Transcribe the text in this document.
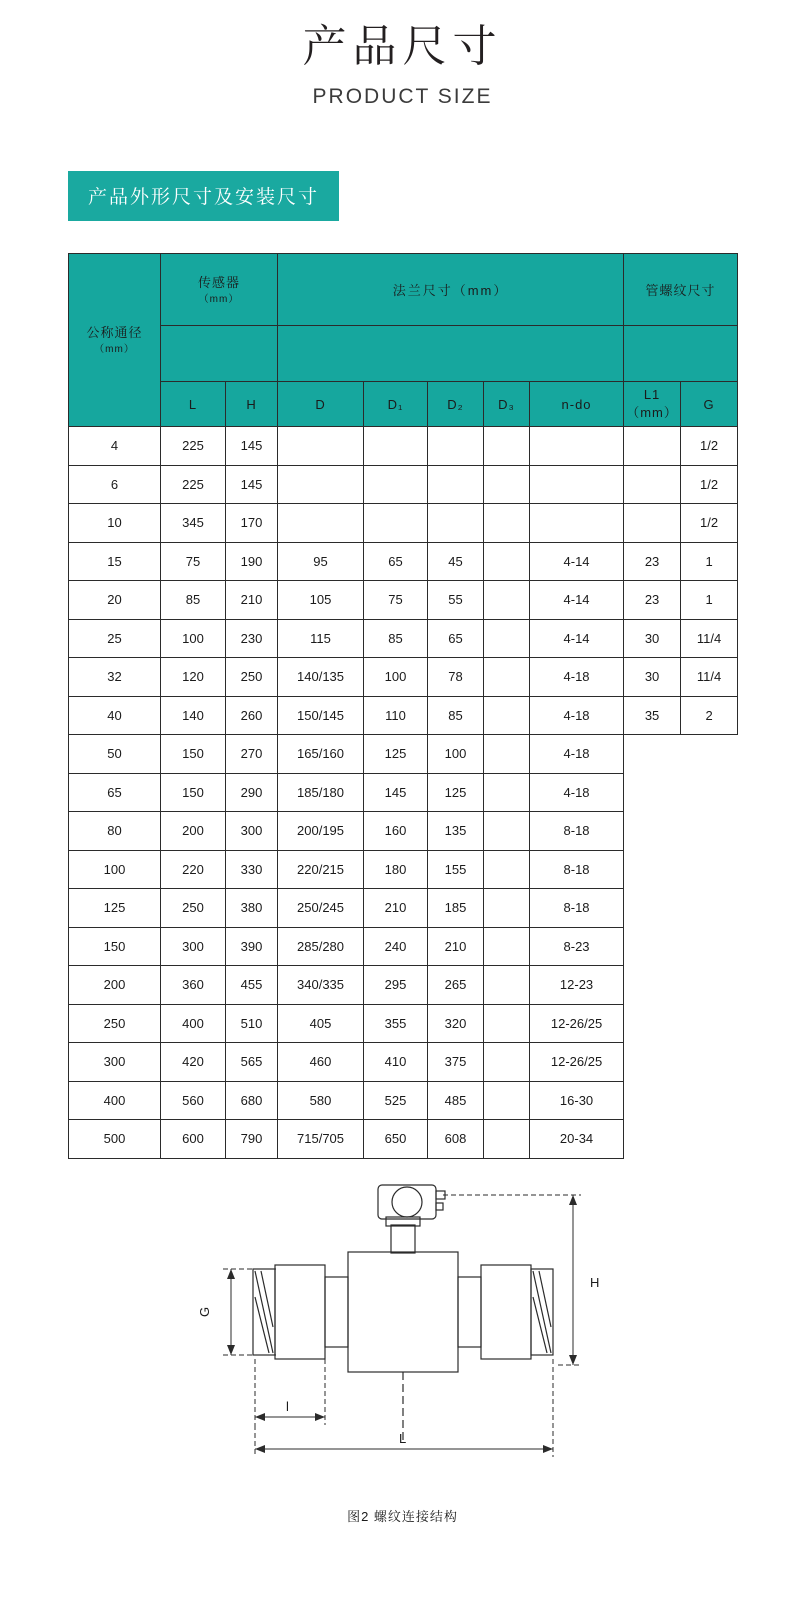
产品尺寸
PRODUCT SIZE
产品外形尺寸及安装尺寸
公称通径
（mm）

传感器
（mm）
	法兰尺寸（mm）	管螺纹尺寸

	L	H	D	D₁	D₂	D₃	n-do	L1（mm）	G
4	225	145							1/2
6	225	145							1/2
10	345	170							1/2
15	75	190	95	65	45		4-14	23	1
20	85	210	105	75	55		4-14	23	1
25	100	230	115	85	65		4-14	30	11/4
32	120	250	140/135	100	78		4-18	30	11/4
40	140	260	150/145	110	85		4-18	35	2
50	150	270	165/160	125	100		4-18		
65	150	290	185/180	145	125		4-18		
80	200	300	200/195	160	135		8-18		
100	220	330	220/215	180	155		8-18		
125	250	380	250/245	210	185		8-18		
150	300	390	285/280	240	210		8-23		
200	360	455	340/335	295	265		12-23		
250	400	510	405	355	320		12-26/25		
300	420	565	460	410	375		12-26/25		
400	560	680	580	525	485		16-30		
500	600	790	715/705	650	608		20-34		
H
G
l
L
图2 螺纹连接结构
